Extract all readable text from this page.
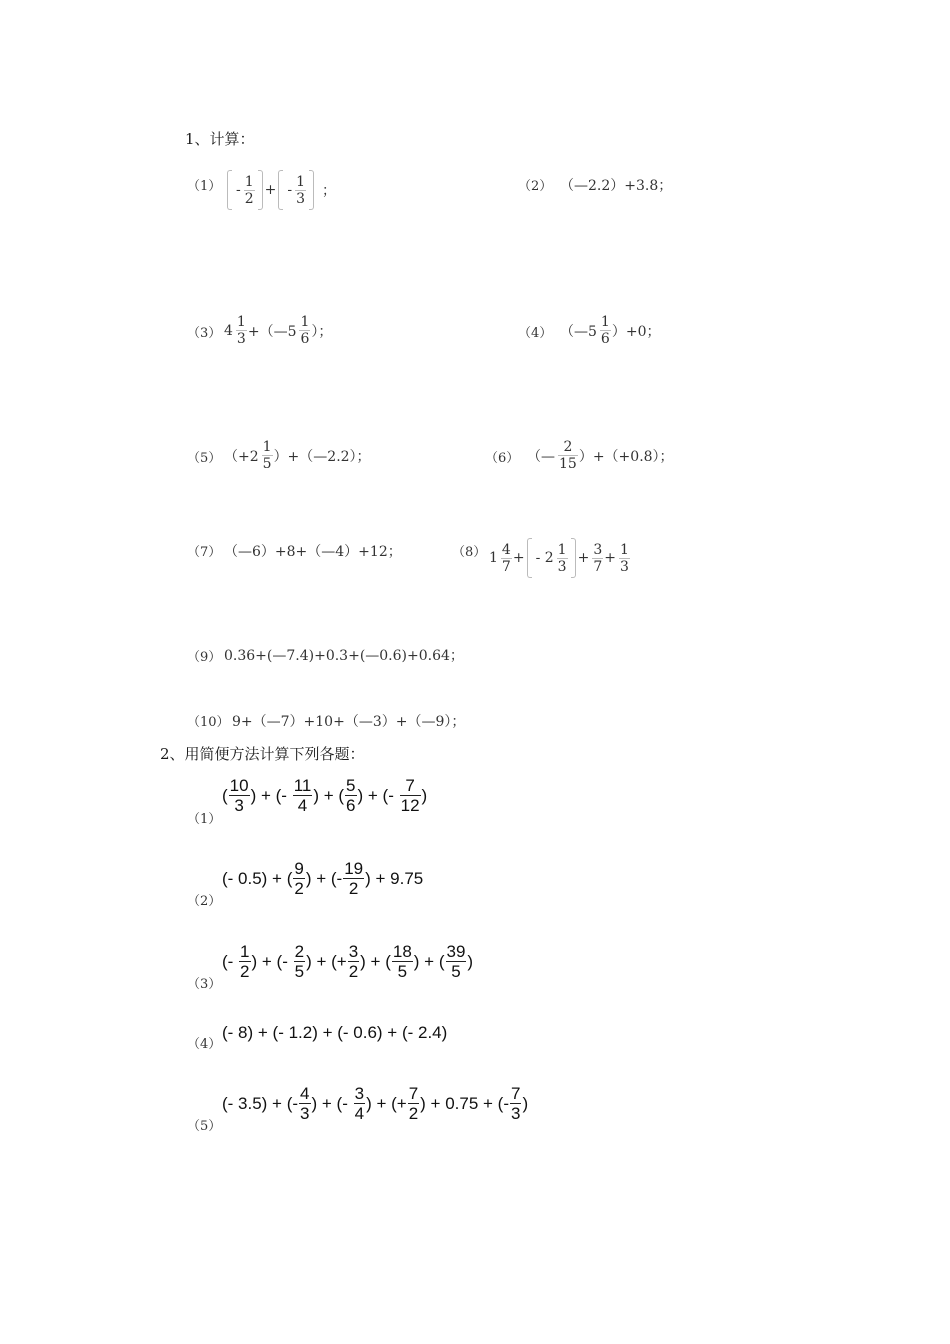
1、计算：
$(1) - \frac{1}{2}$ + - $\frac{1}{3}$ ；	（2） （—2.2）+3.8；
（3） $4 \frac{1}{3}$ +（—5 $\frac{1}{6}$ ）；	（4） （—5 $\frac{1}{6} )+0$；
（5） （$+2 \frac{1}{5}$ ）+（—2.2）；	（6） （— $\frac{2}{15} )+(+0.8)$；
（7） （—6）+8+（—4）+12；	（8） $1 \frac{4}{7}$ + - $2 \frac{1}{3} + \frac{3}{7} + \frac{1}{3}$
（9） 0.36+(—7.4)+0.3+(—0.6)+0.64；
（10） 9+（—7）+10+（—3）+（—9）；
2、用简便方法计算下列各题：
（1）
( $\frac{10}{3}$ ) + (- $\frac{11}{4}$ ) + ( $\frac{5}{6}$ ) + (- $\frac{7}{12}$ )
（2）
(- 0.5) + ( $\frac{9}{2}$ ) + (- $\frac{19}{2}$ ) + 9.75
（3）
(- $\frac{1}{2}$ ) + (- $\frac{2}{5}$ ) + (+ $\frac{3}{2}$ ) + ( $\frac{18}{5}$ ) + ( $\frac{39}{5}$ )
（4）
(- 8) + (- 1.2) + (- 0.6) + (- 2.4)
（5）
(- 3.5) + (- $\frac{4}{3}$ ) + (- $\frac{3}{4}$ ) + (+ $\frac{7}{2}$ ) + 0.75 + (- $\frac{7}{3}$ )
